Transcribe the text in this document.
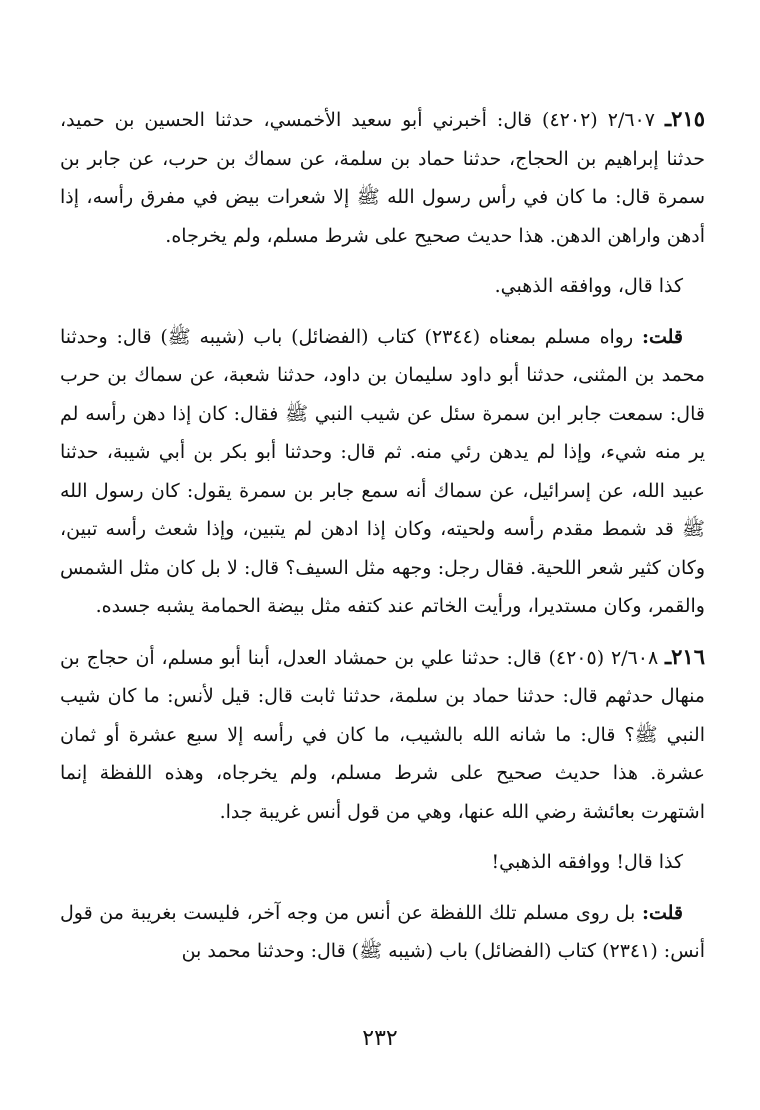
٢١٥ـ ٢/٦٠٧ (٤٢٠٢) قال: أخبرني أبو سعيد الأخمسي، حدثنا الحسين بن حميد، حدثنا إبراهيم بن الحجاج، حدثنا حماد بن سلمة، عن سماك بن حرب، عن جابر بن سمرة قال: ما كان في رأس رسول الله ﷺ إلا شعرات بيض في مفرق رأسه، إذا أدهن واراهن الدهن. هذا حديث صحيح على شرط مسلم، ولم يخرجاه.

كذا قال، ووافقه الذهبي.

قلت: رواه مسلم بمعناه (٢٣٤٤) كتاب (الفضائل) باب (شيبه ﷺ) قال: وحدثنا محمد بن المثنى، حدثنا أبو داود سليمان بن داود، حدثنا شعبة، عن سماك بن حرب قال: سمعت جابر ابن سمرة سئل عن شيب النبي ﷺ فقال: كان إذا دهن رأسه لم ير منه شيء، وإذا لم يدهن رئي منه. ثم قال: وحدثنا أبو بكر بن أبي شيبة، حدثنا عبيد الله، عن إسرائيل، عن سماك أنه سمع جابر بن سمرة يقول: كان رسول الله ﷺ قد شمط مقدم رأسه ولحيته، وكان إذا ادهن لم يتبين، وإذا شعث رأسه تبين، وكان كثير شعر اللحية. فقال رجل: وجهه مثل السيف؟ قال: لا بل كان مثل الشمس والقمر، وكان مستديرا، ورأيت الخاتم عند كتفه مثل بيضة الحمامة يشبه جسده.

٢١٦ـ ٢/٦٠٨ (٤٢٠٥) قال: حدثنا علي بن حمشاد العدل، أبنا أبو مسلم، أن حجاج بن منهال حدثهم قال: حدثنا حماد بن سلمة، حدثنا ثابت قال: قيل لأنس: ما كان شيب النبي ﷺ؟ قال: ما شانه الله بالشيب، ما كان في رأسه إلا سبع عشرة أو ثمان عشرة. هذا حديث صحيح على شرط مسلم، ولم يخرجاه، وهذه اللفظة إنما اشتهرت بعائشة رضي الله عنها، وهي من قول أنس غريبة جدا.

كذا قال! ووافقه الذهبي!

قلت: بل روى مسلم تلك اللفظة عن أنس من وجه آخر، فليست بغريبة من قول أنس: (٢٣٤١) كتاب (الفضائل) باب (شيبه ﷺ) قال: وحدثنا محمد بن

٢٣٢
